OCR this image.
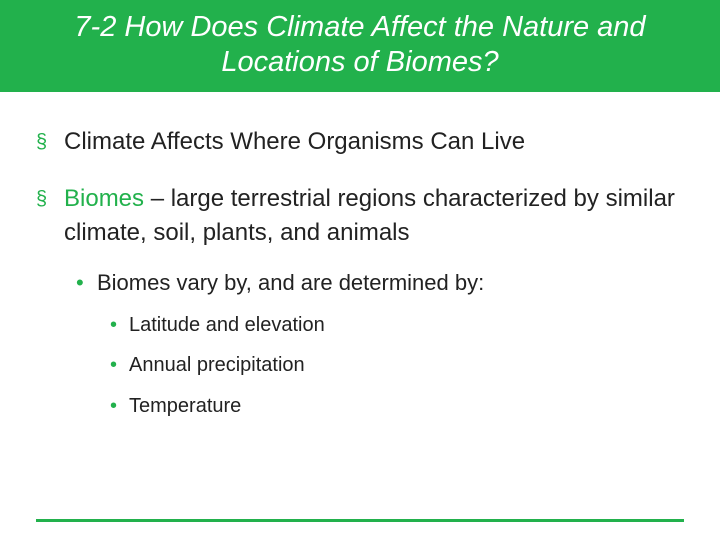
7-2 How Does Climate Affect the Nature and Locations of Biomes?
§ Climate Affects Where Organisms Can Live
§ Biomes – large terrestrial regions characterized by similar climate, soil, plants, and animals
• Biomes vary by, and are determined by:
• Latitude and elevation
• Annual precipitation
• Temperature
